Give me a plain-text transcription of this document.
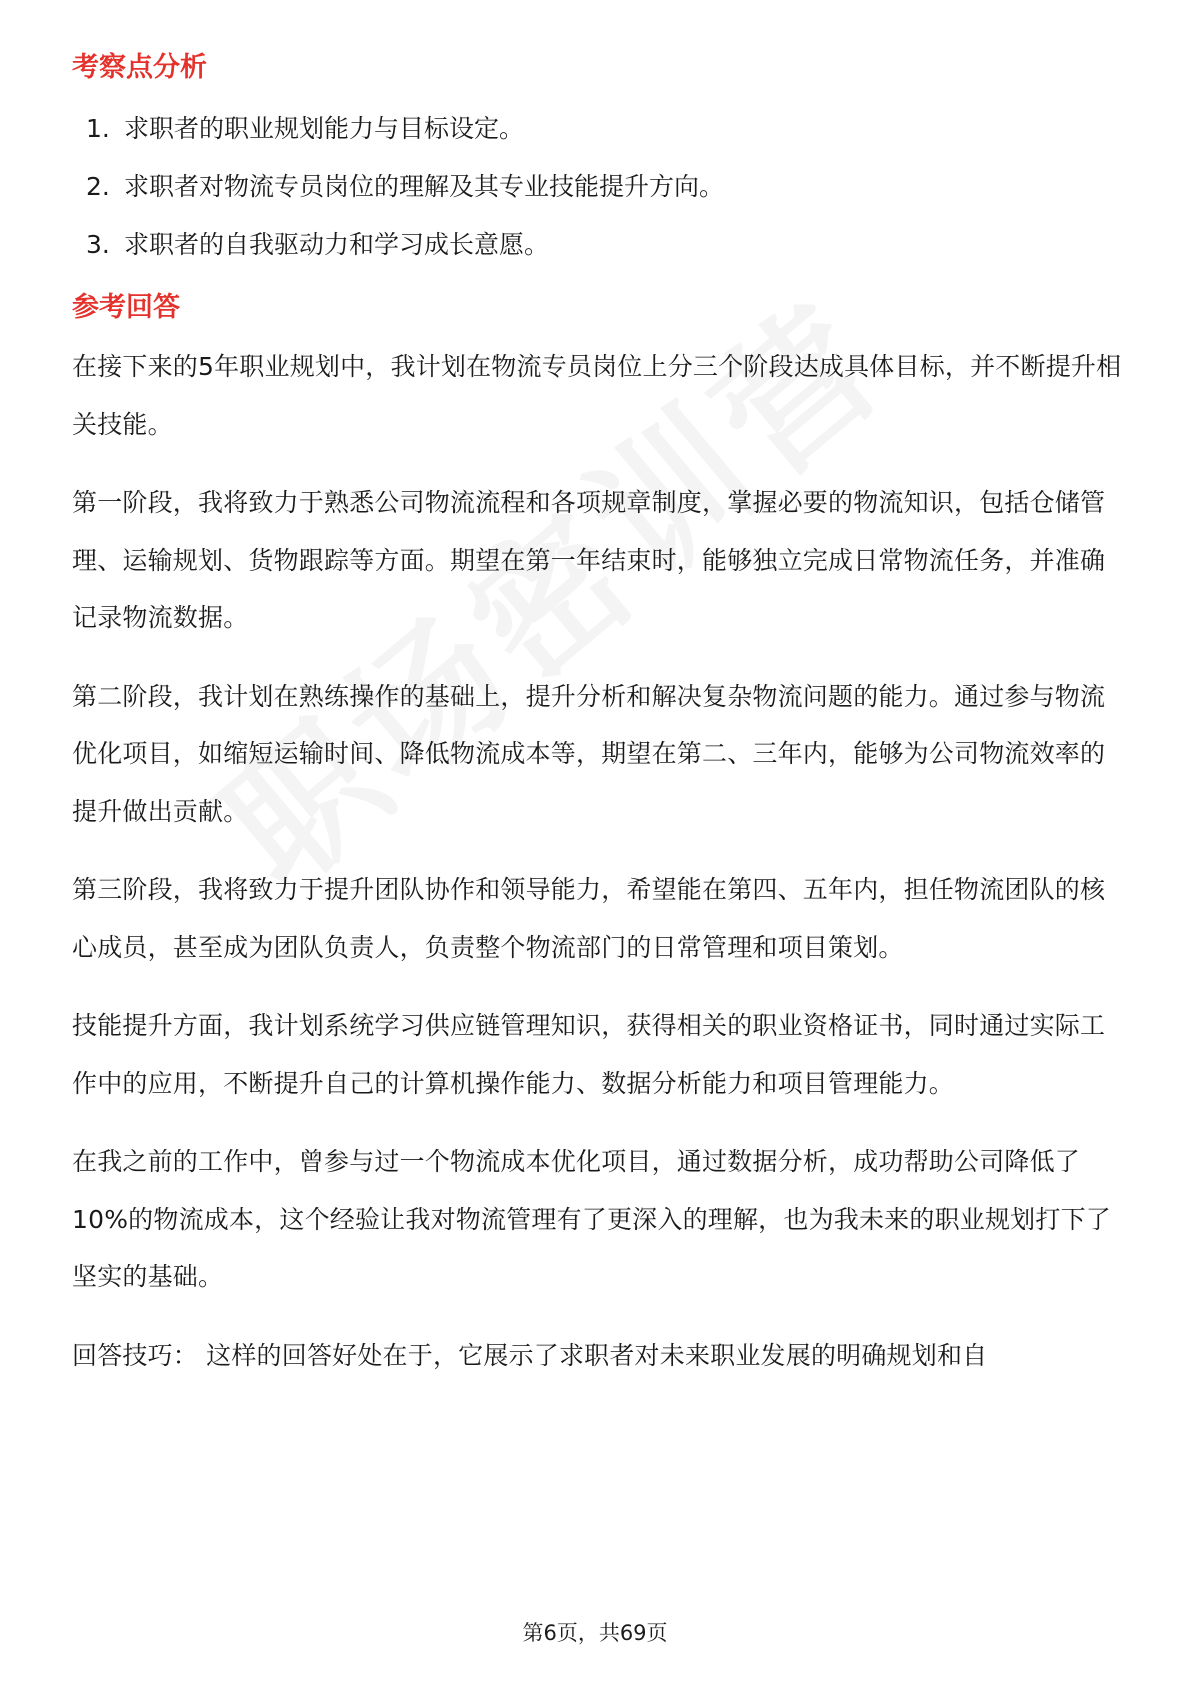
考察点分析
1. 求职者的职业规划能力与目标设定。
2. 求职者对物流专员岗位的理解及其专业技能提升方向。
3. 求职者的自我驱动力和学习成长意愿。
参考回答

在接下来的5年职业规划中，我计划在物流专员岗位上分三个阶段达成具体目标，并不断提升相关技能。

第一阶段，我将致力于熟悉公司物流流程和各项规章制度，掌握必要的物流知识，包括仓储管理、运输规划、货物跟踪等方面。期望在第一年结束时，能够独立完成日常物流任务，并准确记录物流数据。

第二阶段，我计划在熟练操作的基础上，提升分析和解决复杂物流问题的能力。通过参与物流优化项目，如缩短运输时间、降低物流成本等，期望在第二、三年内，能够为公司物流效率的提升做出贡献。

第三阶段，我将致力于提升团队协作和领导能力，希望能在第四、五年内，担任物流团队的核心成员，甚至成为团队负责人，负责整个物流部门的日常管理和项目策划。

技能提升方面，我计划系统学习供应链管理知识，获得相关的职业资格证书，同时通过实际工作中的应用，不断提升自己的计算机操作能力、数据分析能力和项目管理能力。

在我之前的工作中，曾参与过一个物流成本优化项目，通过数据分析，成功帮助公司降低了10%的物流成本，这个经验让我对物流管理有了更深入的理解，也为我未来的职业规划打下了坚实的基础。

回答技巧： 这样的回答好处在于，它展示了求职者对未来职业发展的明确规划和自

第6页，共69页
